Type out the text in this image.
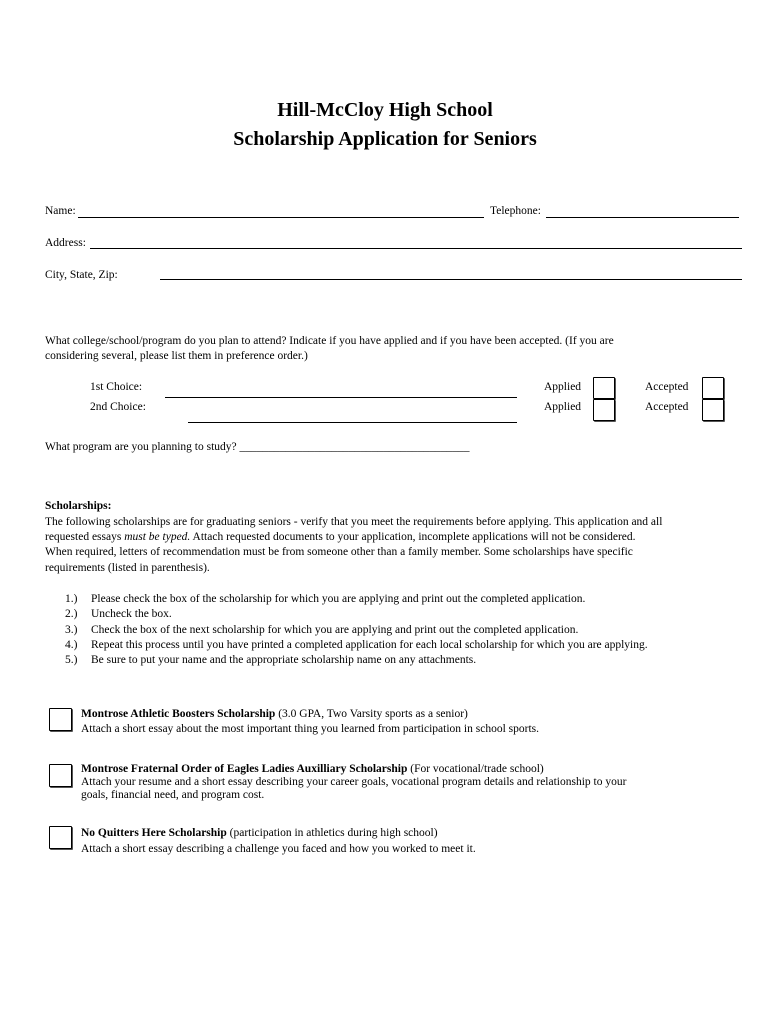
Hill-McCloy High School
Scholarship Application for Seniors
Name:	Telephone:
Address:
City, State, Zip:
What college/school/program do you plan to attend? Indicate if you have applied and if you have been accepted. (If you are
considering several, please list them in preference order.)
1st Choice:	Applied	Accepted
2nd Choice:	Applied	Accepted
What program are you planning to study? ________________________________________
Scholarships:
The following scholarships are for graduating seniors - verify that you meet the requirements before applying. This application and all
requested essays must be typed. Attach requested documents to your application, incomplete applications will not be considered.
When required, letters of recommendation must be from someone other than a family member. Some scholarships have specific
requirements (listed in parenthesis).
1.) Please check the box of the scholarship for which you are applying and print out the completed application.
2.) Uncheck the box.
3.) Check the box of the next scholarship for which you are applying and print out the completed application.
4.) Repeat this process until you have printed a completed application for each local scholarship for which you are applying.
5.) Be sure to put your name and the appropriate scholarship name on any attachments.
Montrose Athletic Boosters Scholarship (3.0 GPA, Two Varsity sports as a senior)
Attach a short essay about the most important thing you learned from participation in school sports.
Montrose Fraternal Order of Eagles Ladies Auxilliary Scholarship (For vocational/trade school)
Attach your resume and a short essay describing your career goals, vocational program details and relationship to your
goals, financial need, and program cost.
No Quitters Here Scholarship (participation in athletics during high school)
Attach a short essay describing a challenge you faced and how you worked to meet it.
